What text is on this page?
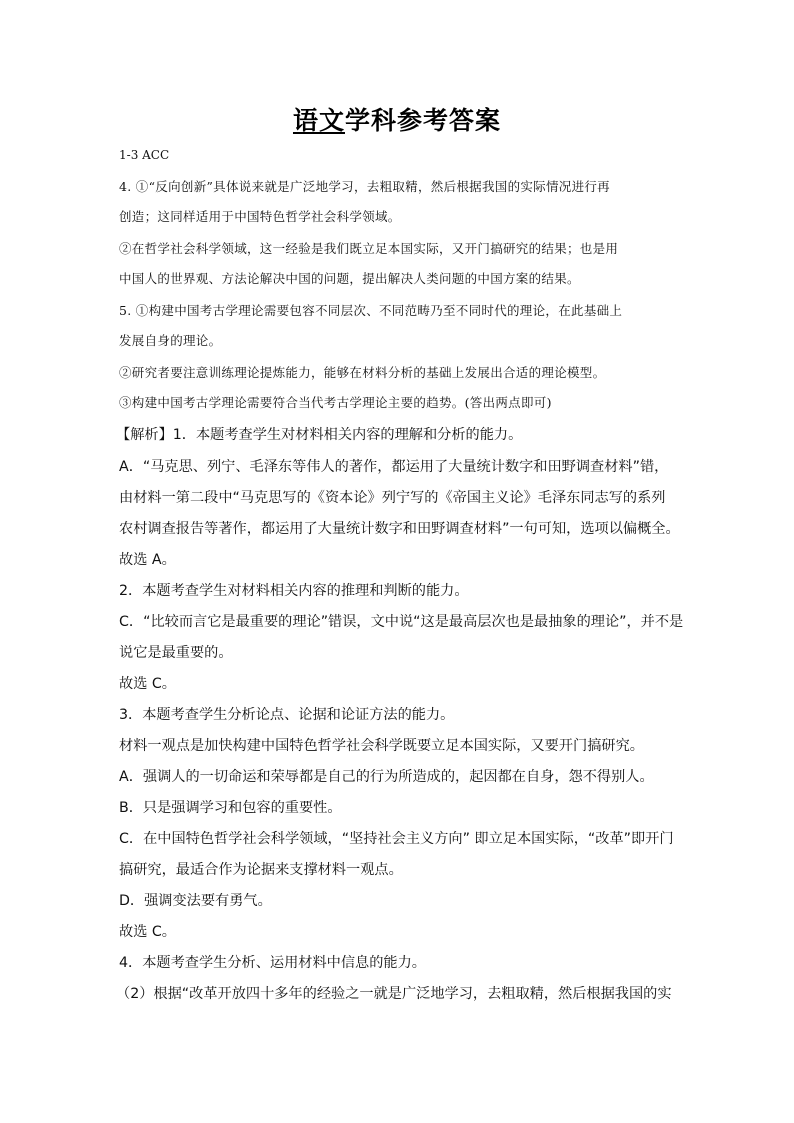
语文学科参考答案
1-3 ACC
4. ①“反向创新”具体说来就是广泛地学习，去粗取精，然后根据我国的实际情况进行再
创造；这同样适用于中国特色哲学社会科学领域。
②在哲学社会科学领域，这一经验是我们既立足本国实际，又开门搞研究的结果；也是用
中国人的世界观、方法论解决中国的问题，提出解决人类问题的中国方案的结果。
5. ①构建中国考古学理论需要包容不同层次、不同范畴乃至不同时代的理论，在此基础上
发展自身的理论。
②研究者要注意训练理论提炼能力，能够在材料分析的基础上发展出合适的理论模型。
③构建中国考古学理论需要符合当代考古学理论主要的趋势。(答出两点即可)
【解析】1．本题考查学生对材料相关内容的理解和分析的能力。
A．“马克思、列宁、毛泽东等伟人的著作，都运用了大量统计数字和田野调查材料”错，
由材料一第二段中“马克思写的《资本论》列宁写的《帝国主义论》毛泽东同志写的系列
农村调查报告等著作，都运用了大量统计数字和田野调查材料”一句可知，选项以偏概全。
故选 A。
2．本题考查学生对材料相关内容的推理和判断的能力。
C．“比较而言它是最重要的理论”错误，文中说“这是最高层次也是最抽象的理论”，并不是
说它是最重要的。
故选 C。
3．本题考查学生分析论点、论据和论证方法的能力。
材料一观点是加快构建中国特色哲学社会科学既要立足本国实际，又要开门搞研究。
A．强调人的一切命运和荣辱都是自己的行为所造成的，起因都在自身，怨不得别人。
B．只是强调学习和包容的重要性。
C．在中国特色哲学社会科学领域，“坚持社会主义方向” 即立足本国实际，“改革”即开门
搞研究，最适合作为论据来支撑材料一观点。
D．强调变法要有勇气。
故选 C。
4．本题考查学生分析、运用材料中信息的能力。
（2）根据“改革开放四十多年的经验之一就是广泛地学习，去粗取精，然后根据我国的实
